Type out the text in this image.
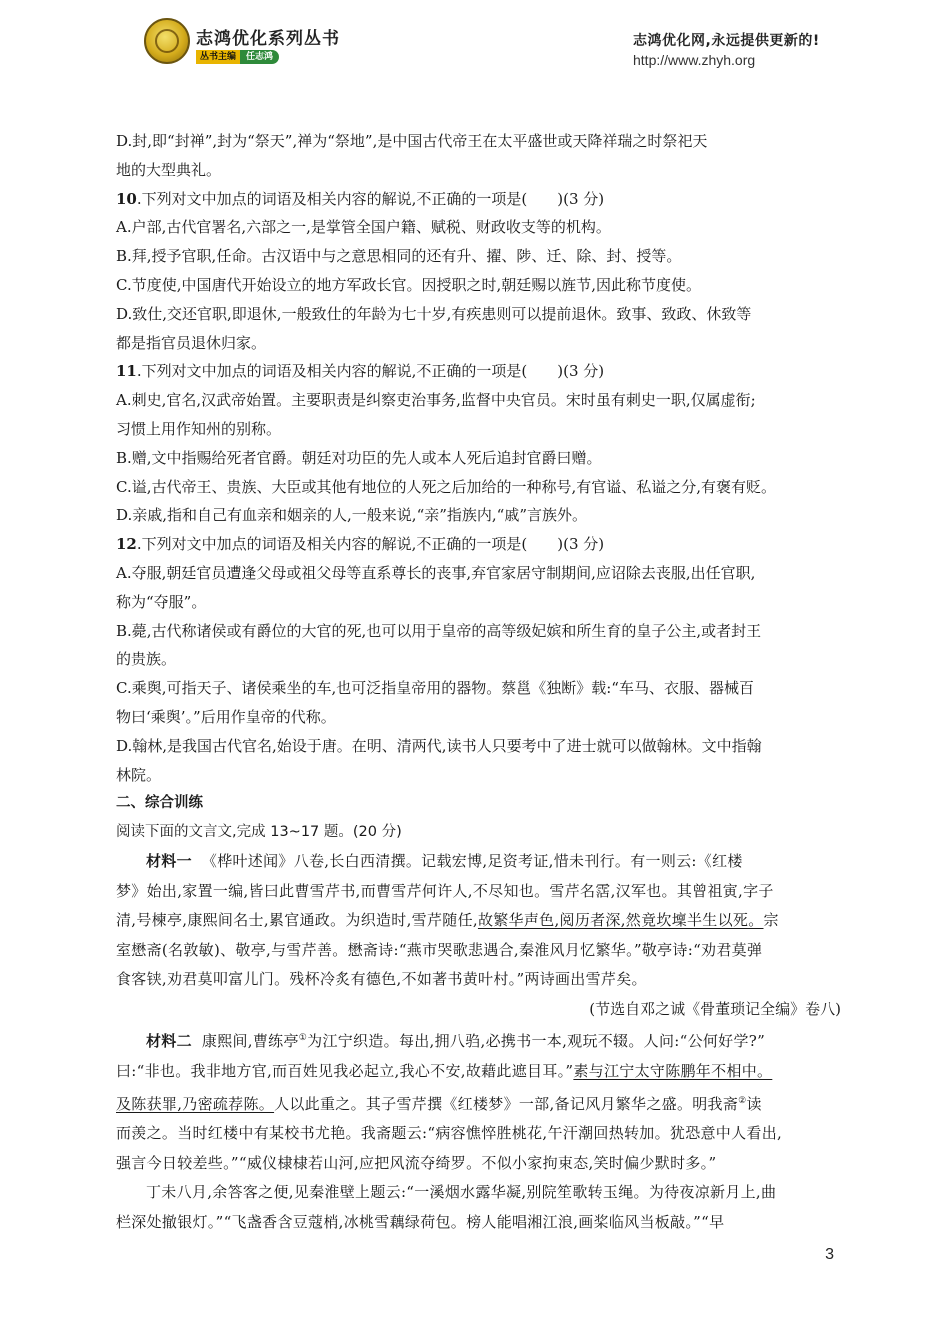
志鸿优化系列丛书
丛书主编 任志鸿
志鸿优化网,永远提供更新的!
http://www.zhyh.org

D.封,即“封禅”,封为“祭天”,禅为“祭地”,是中国古代帝王在太平盛世或天降祥瑞之时祭祀天
地的大型典礼。

10.下列对文中加点的词语及相关内容的解说,不正确的一项是(　　)(3 分)

A.户部,古代官署名,六部之一,是掌管全国户籍、赋税、财政收支等的机构。

B.拜,授予官职,任命。古汉语中与之意思相同的还有升、擢、陟、迁、除、封、授等。

C.节度使,中国唐代开始设立的地方军政长官。因授职之时,朝廷赐以旌节,因此称节度使。

D.致仕,交还官职,即退休,一般致仕的年龄为七十岁,有疾患则可以提前退休。致事、致政、休致等
都是指官员退休归家。

11.下列对文中加点的词语及相关内容的解说,不正确的一项是(　　)(3 分)

A.刺史,官名,汉武帝始置。主要职责是纠察吏治事务,监督中央官员。宋时虽有刺史一职,仅属虚衔;
习惯上用作知州的别称。

B.赠,文中指赐给死者官爵。朝廷对功臣的先人或本人死后追封官爵曰赠。

C.谥,古代帝王、贵族、大臣或其他有地位的人死之后加给的一种称号,有官谥、私谥之分,有褒有贬。

D.亲戚,指和自己有血亲和姻亲的人,一般来说,“亲”指族内,“戚”言族外。

12.下列对文中加点的词语及相关内容的解说,不正确的一项是(　　)(3 分)

A.夺服,朝廷官员遭逢父母或祖父母等直系尊长的丧事,弃官家居守制期间,应诏除去丧服,出任官职,
称为“夺服”。

B.薨,古代称诸侯或有爵位的大官的死,也可以用于皇帝的高等级妃嫔和所生育的皇子公主,或者封王
的贵族。

C.乘舆,可指天子、诸侯乘坐的车,也可泛指皇帝用的器物。蔡邕《独断》载:“车马、衣服、器械百
物曰‘乘舆’。”后用作皇帝的代称。

D.翰林,是我国古代官名,始设于唐。在明、清两代,读书人只要考中了进士就可以做翰林。文中指翰
林院。

二、综合训练

阅读下面的文言文,完成 13~17 题。(20 分)

材料一 《桦叶述闻》八卷,长白西清撰。记载宏博,足资考证,惜未刊行。有一则云:《红楼
梦》始出,家置一编,皆曰此曹雪芹书,而曹雪芹何许人,不尽知也。雪芹名霑,汉军也。其曾祖寅,字子
清,号楝亭,康熙间名士,累官通政。为织造时,雪芹随任,故繁华声色,阅历者深,然竟坎壈半生以死。宗
室懋斋(名敦敏)、敬亭,与雪芹善。懋斋诗:“燕市哭歌悲遇合,秦淮风月忆繁华。”敬亭诗:“劝君莫弹
食客铗,劝君莫叩富儿门。残杯冷炙有德色,不如著书黄叶村。”两诗画出雪芹矣。

(节选自邓之诚《骨董琐记全编》卷八)

材料二 康熙间,曹练亭①为江宁织造。每出,拥八驺,必携书一本,观玩不辍。人问:“公何好学?”
曰:“非也。我非地方官,而百姓见我必起立,我心不安,故藉此遮目耳。”素与江宁太守陈鹏年不相中。
及陈获罪,乃密疏荐陈。人以此重之。其子雪芹撰《红楼梦》一部,备记风月繁华之盛。明我斋②读
而羡之。当时红楼中有某校书尤艳。我斋题云:“病容憔悴胜桃花,午汗潮回热转加。犹恐意中人看出,
强言今日较差些。”“威仪棣棣若山河,应把风流夺绮罗。不似小家拘束态,笑时偏少默时多。”

丁未八月,余答客之便,见秦淮壁上题云:“一溪烟水露华凝,别院笙歌转玉绳。为待夜凉新月上,曲
栏深处撤银灯。”“飞盏香含豆蔻梢,冰桃雪藕绿荷包。榜人能唱湘江浪,画桨临风当板敲。”“早

3
